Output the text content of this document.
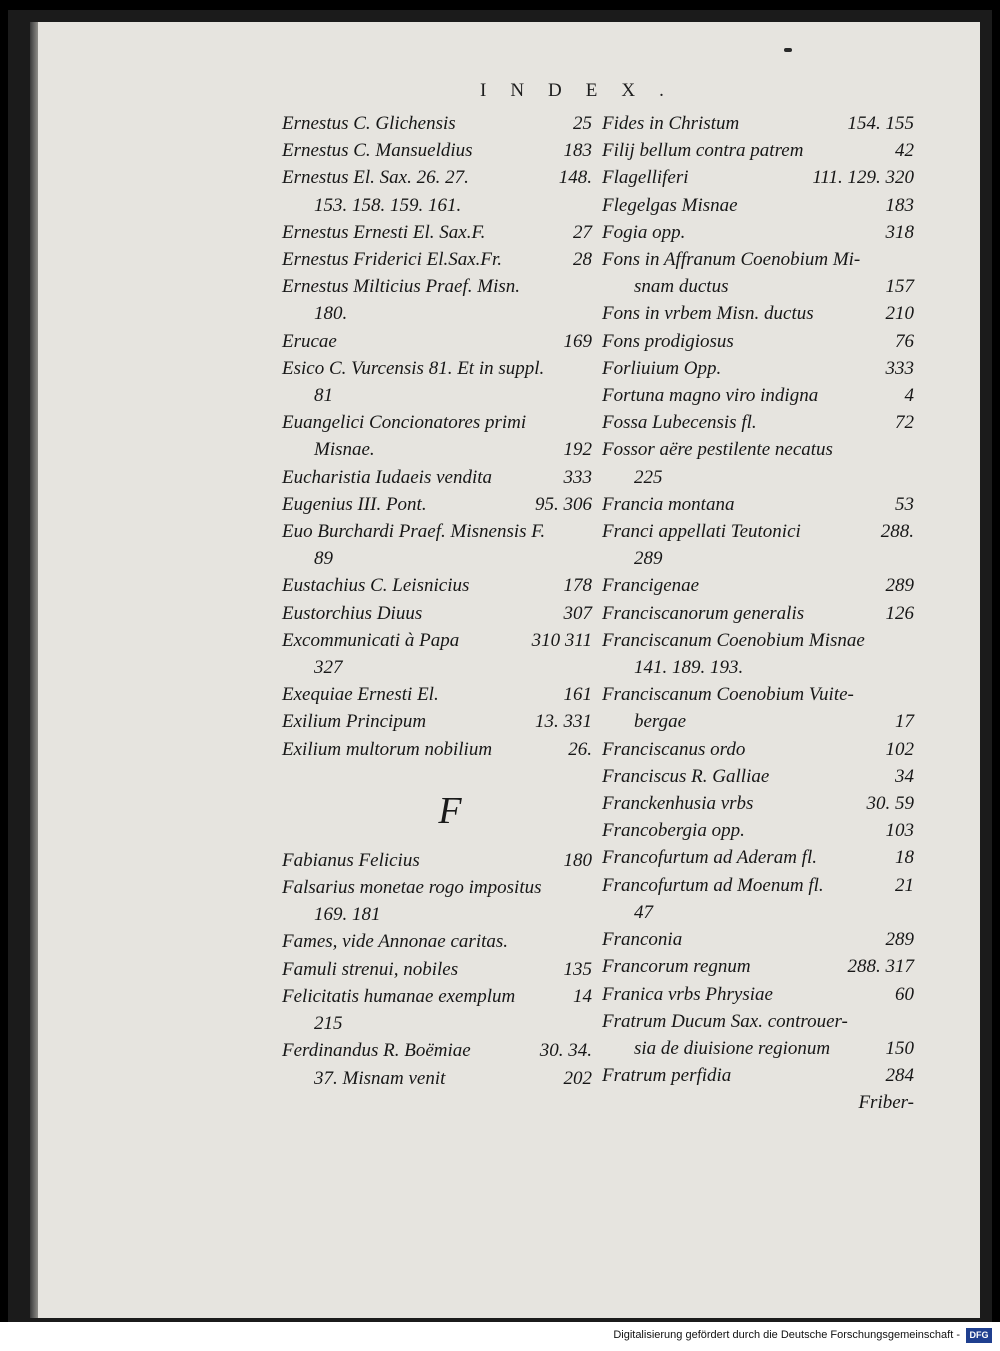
INDEX.
Ernestus C. Glichensis	25
Ernestus C. Mansueldius	183
Ernestus El. Sax. 26. 27.	148.
153. 158. 159. 161.
Ernestus Ernesti El. Sax.F.	27
Ernestus Friderici El.Sax.Fr.	28
Ernestus Milticius Praef. Misn.
180.
Erucae	169
Esico C. Vurcensis 81. Et in suppl.
81
Euangelici Concionatores primi
Misnae.	192
Eucharistia Iudaeis vendita	333
Eugenius III. Pont.	95. 306
Euo Burchardi Praef. Misnensis F.
89
Eustachius C. Leisnicius	178
Eustorchius Diuus	307
Excommunicati à Papa	310 311
327
Exequiae Ernesti El.	161
Exilium Principum	13. 331
Exilium multorum nobilium	26.
F
Fabianus Felicius	180
Falsarius monetae rogo impositus
169. 181
Fames, vide Annonae caritas.
Famuli strenui, nobiles	135
Felicitatis humanae exemplum	14
215
Ferdinandus R. Boëmiae	30. 34.
37. Misnam venit	202
Fides in Christum	154. 155
Filij bellum contra patrem	42
Flagelliferi	111. 129. 320
Flegelgas Misnae	183
Fogia opp.	318
Fons in Affranum Coenobium Mi-
snam ductus	157
Fons in vrbem Misn. ductus	210
Fons prodigiosus	76
Forliuium Opp.	333
Fortuna magno viro indigna	4
Fossa Lubecensis fl.	72
Fossor aëre pestilente necatus
225
Francia montana	53
Franci appellati Teutonici	288.
289
Francigenae	289
Franciscanorum generalis	126
Franciscanum Coenobium Misnae
141. 189. 193.
Franciscanum Coenobium Vuite-
bergae	17
Franciscanus ordo	102
Franciscus R. Galliae	34
Franckenhusia vrbs	30. 59
Francobergia opp.	103
Francofurtum ad Aderam fl.	18
Francofurtum ad Moenum fl.	21
47
Franconia	289
Francorum regnum	288. 317
Franica vrbs Phrysiae	60
Fratrum Ducum Sax. controuer-
sia de diuisione regionum	150
Fratrum perfidia	284
Friber-
Digitalisierung gefördert durch die Deutsche Forschungsgemeinschaft -	DFG
